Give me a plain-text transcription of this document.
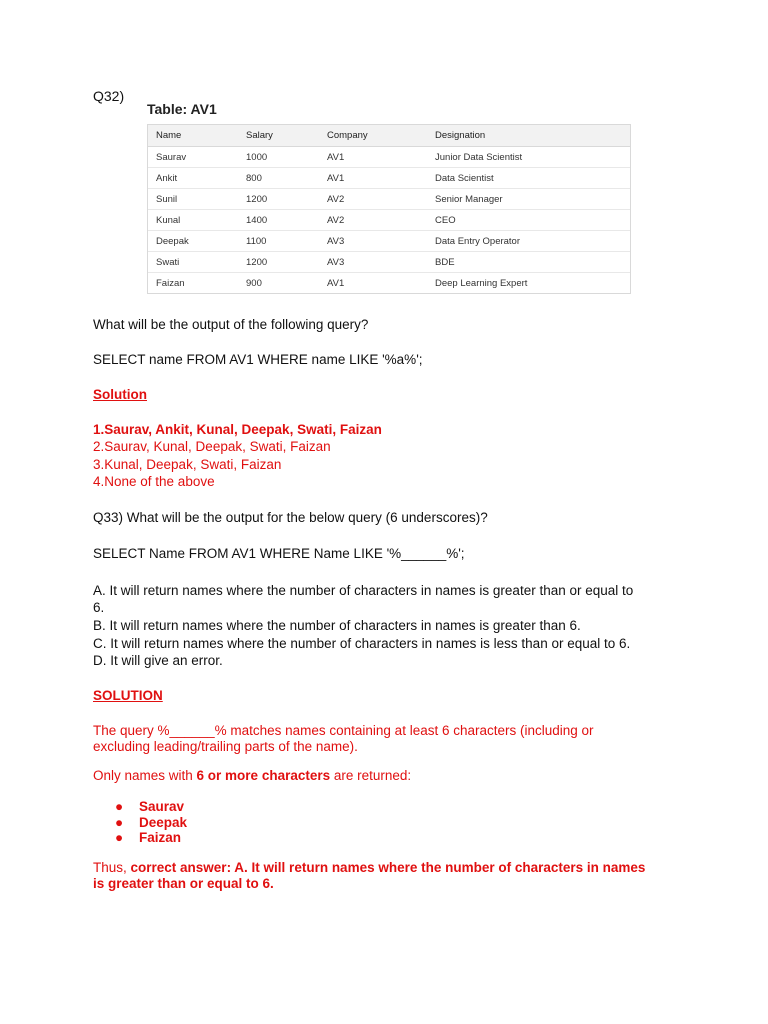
Q32)
Table: AV1
Name	Salary	Company	Designation
Saurav	1000	AV1	Junior Data Scientist
Ankit	800	AV1	Data Scientist
Sunil	1200	AV2	Senior Manager
Kunal	1400	AV2	CEO
Deepak	1100	AV3	Data Entry Operator
Swati	1200	AV3	BDE
Faizan	900	AV1	Deep Learning Expert
What will be the output of the following query?
SELECT name FROM AV1 WHERE name LIKE '%a%';
Solution
1.Saurav, Ankit, Kunal, Deepak, Swati, Faizan
2.Saurav, Kunal, Deepak, Swati, Faizan
3.Kunal, Deepak, Swati, Faizan
4.None of the above
Q33) What will be the output for the below query (6 underscores)?
SELECT Name FROM AV1 WHERE Name LIKE '%______%';
A. It will return names where the number of characters in names is greater than or equal to
6.
B. It will return names where the number of characters in names is greater than 6.
C. It will return names where the number of characters in names is less than or equal to 6.
D. It will give an error.
SOLUTION
The query %______% matches names containing at least 6 characters (including or
excluding leading/trailing parts of the name).
Only names with 6 or more characters are returned:
● Saurav
● Deepak
● Faizan
Thus, correct answer: A. It will return names where the number of characters in names
is greater than or equal to 6.
